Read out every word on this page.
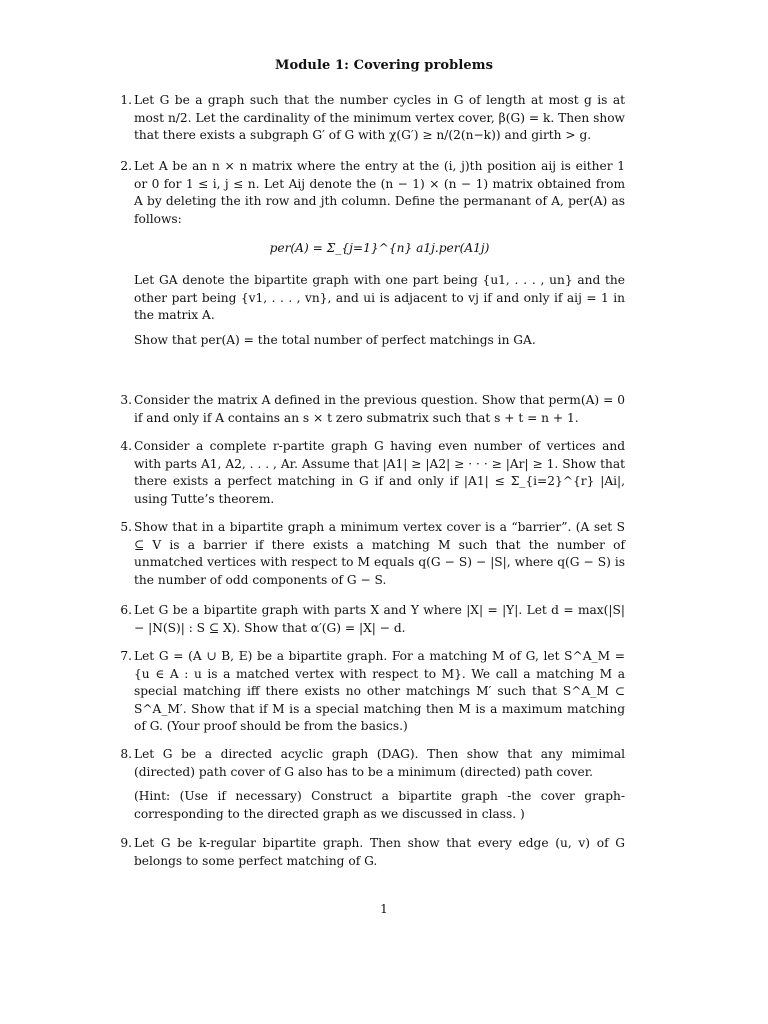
Module 1: Covering problems
1. Let G be a graph such that the number cycles in G of length at most g is at most n/2. Let the cardinality of the minimum vertex cover, β(G) = k. Then show that there exists a subgraph G′ of G with χ(G′) ≥ n/(2(n−k)) and girth > g.

2. Let A be an n × n matrix where the entry at the (i, j)th position aij is either 1 or 0 for 1 ≤ i, j ≤ n. Let Aij denote the (n − 1) × (n − 1) matrix obtained from A by deleting the ith row and jth column. Define the permanant of A, per(A) as follows:

per(A) = Σ_{j=1}^{n} a1j.per(A1j)

Let GA denote the bipartite graph with one part being {u1, . . . , un} and the other part being {v1, . . . , vn}, and ui is adjacent to vj if and only if aij = 1 in the matrix A.

Show that per(A) = the total number of perfect matchings in GA.

3. Consider the matrix A defined in the previous question. Show that perm(A) = 0 if and only if A contains an s × t zero submatrix such that s + t = n + 1.

4. Consider a complete r-partite graph G having even number of vertices and with parts A1, A2, . . . , Ar. Assume that |A1| ≥ |A2| ≥ · · · ≥ |Ar| ≥ 1. Show that there exists a perfect matching in G if and only if |A1| ≤ Σ_{i=2}^{r} |Ai|, using Tutte’s theorem.

5. Show that in a bipartite graph a minimum vertex cover is a “barrier”. (A set S ⊆ V is a barrier if there exists a matching M such that the number of unmatched vertices with respect to M equals q(G − S) − |S|, where q(G − S) is the number of odd components of G − S.

6. Let G be a bipartite graph with parts X and Y where |X| = |Y|. Let d = max(|S| − |N(S)| : S ⊆ X). Show that α′(G) = |X| − d.

7. Let G = (A ∪ B, E) be a bipartite graph. For a matching M of G, let S^A_M = {u ∈ A : u is a matched vertex with respect to M}. We call a matching M a special matching iff there exists no other matchings M′ such that S^A_M ⊂ S^A_M′. Show that if M is a special matching then M is a maximum matching of G. (Your proof should be from the basics.)

8. Let G be a directed acyclic graph (DAG). Then show that any mimimal (directed) path cover of G also has to be a minimum (directed) path cover.

(Hint: (Use if necessary) Construct a bipartite graph -the cover graph- corresponding to the directed graph as we discussed in class. )

9. Let G be k-regular bipartite graph. Then show that every edge (u, v) of G belongs to some perfect matching of G.

1
